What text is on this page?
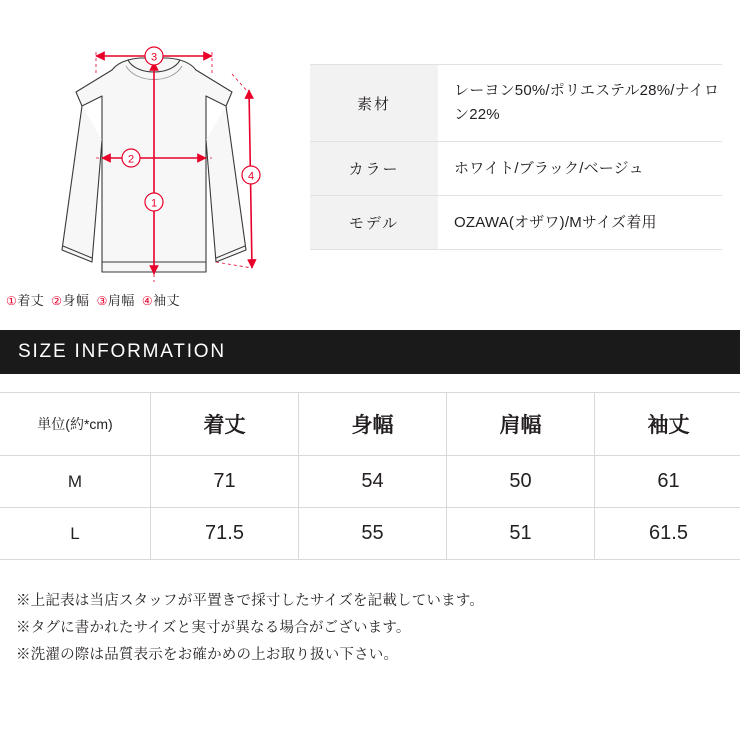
3
2
1
4
①着丈 ②身幅 ③肩幅 ④袖丈
素材	レーヨン50%/ポリエステル28%/ナイロン22%
カラー	ホワイト/ブラック/ベージュ
モデル	OZAWA(オザワ)/Mサイズ着用
SIZE INFORMATION
単位(約*cm)	着丈	身幅	肩幅	袖丈
M	71	54	50	61
L	71.5	55	51	61.5
※上記表は当店スタッフが平置きで採寸したサイズを記載しています。
※タグに書かれたサイズと実寸が異なる場合がございます。
※洗濯の際は品質表示をお確かめの上お取り扱い下さい。
